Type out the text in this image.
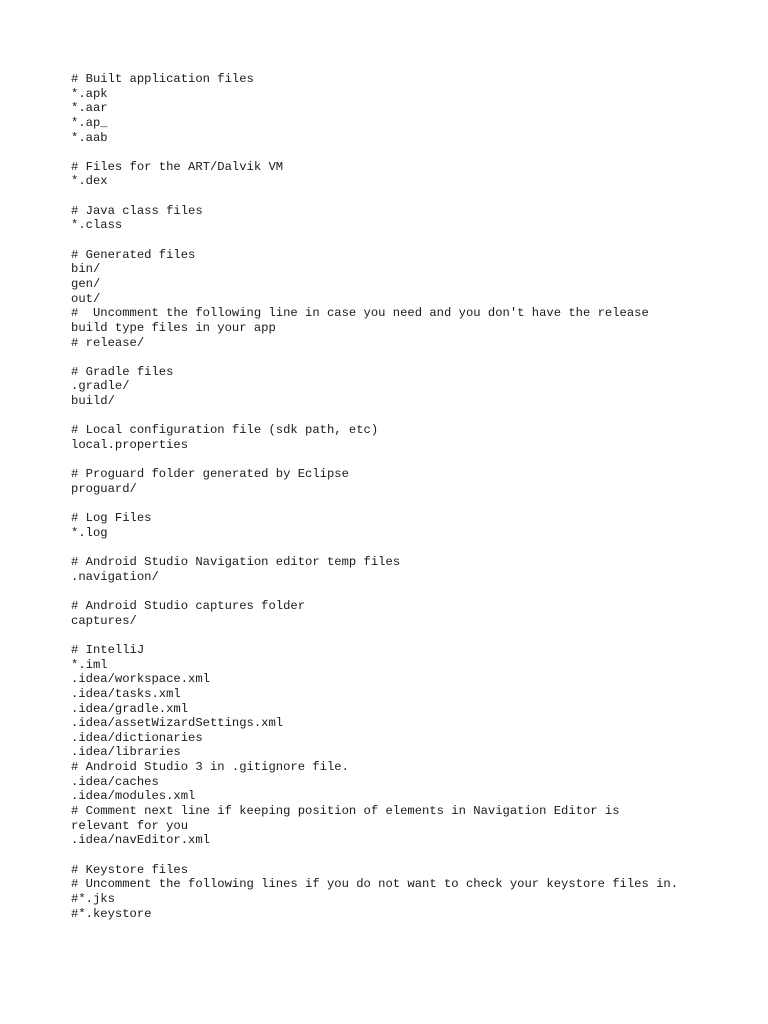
# Built application files
*.apk
*.aar
*.ap_
*.aab
# Files for the ART/Dalvik VM
*.dex
# Java class files
*.class
# Generated files
bin/
gen/
out/
#  Uncomment the following line in case you need and you don't have the release
build type files in your app
# release/
# Gradle files
.gradle/
build/
# Local configuration file (sdk path, etc)
local.properties
# Proguard folder generated by Eclipse
proguard/
# Log Files
*.log
# Android Studio Navigation editor temp files
.navigation/
# Android Studio captures folder
captures/
# IntelliJ
*.iml
.idea/workspace.xml
.idea/tasks.xml
.idea/gradle.xml
.idea/assetWizardSettings.xml
.idea/dictionaries
.idea/libraries
# Android Studio 3 in .gitignore file.
.idea/caches
.idea/modules.xml
# Comment next line if keeping position of elements in Navigation Editor is
relevant for you
.idea/navEditor.xml
# Keystore files
# Uncomment the following lines if you do not want to check your keystore files in.
#*.jks
#*.keystore
